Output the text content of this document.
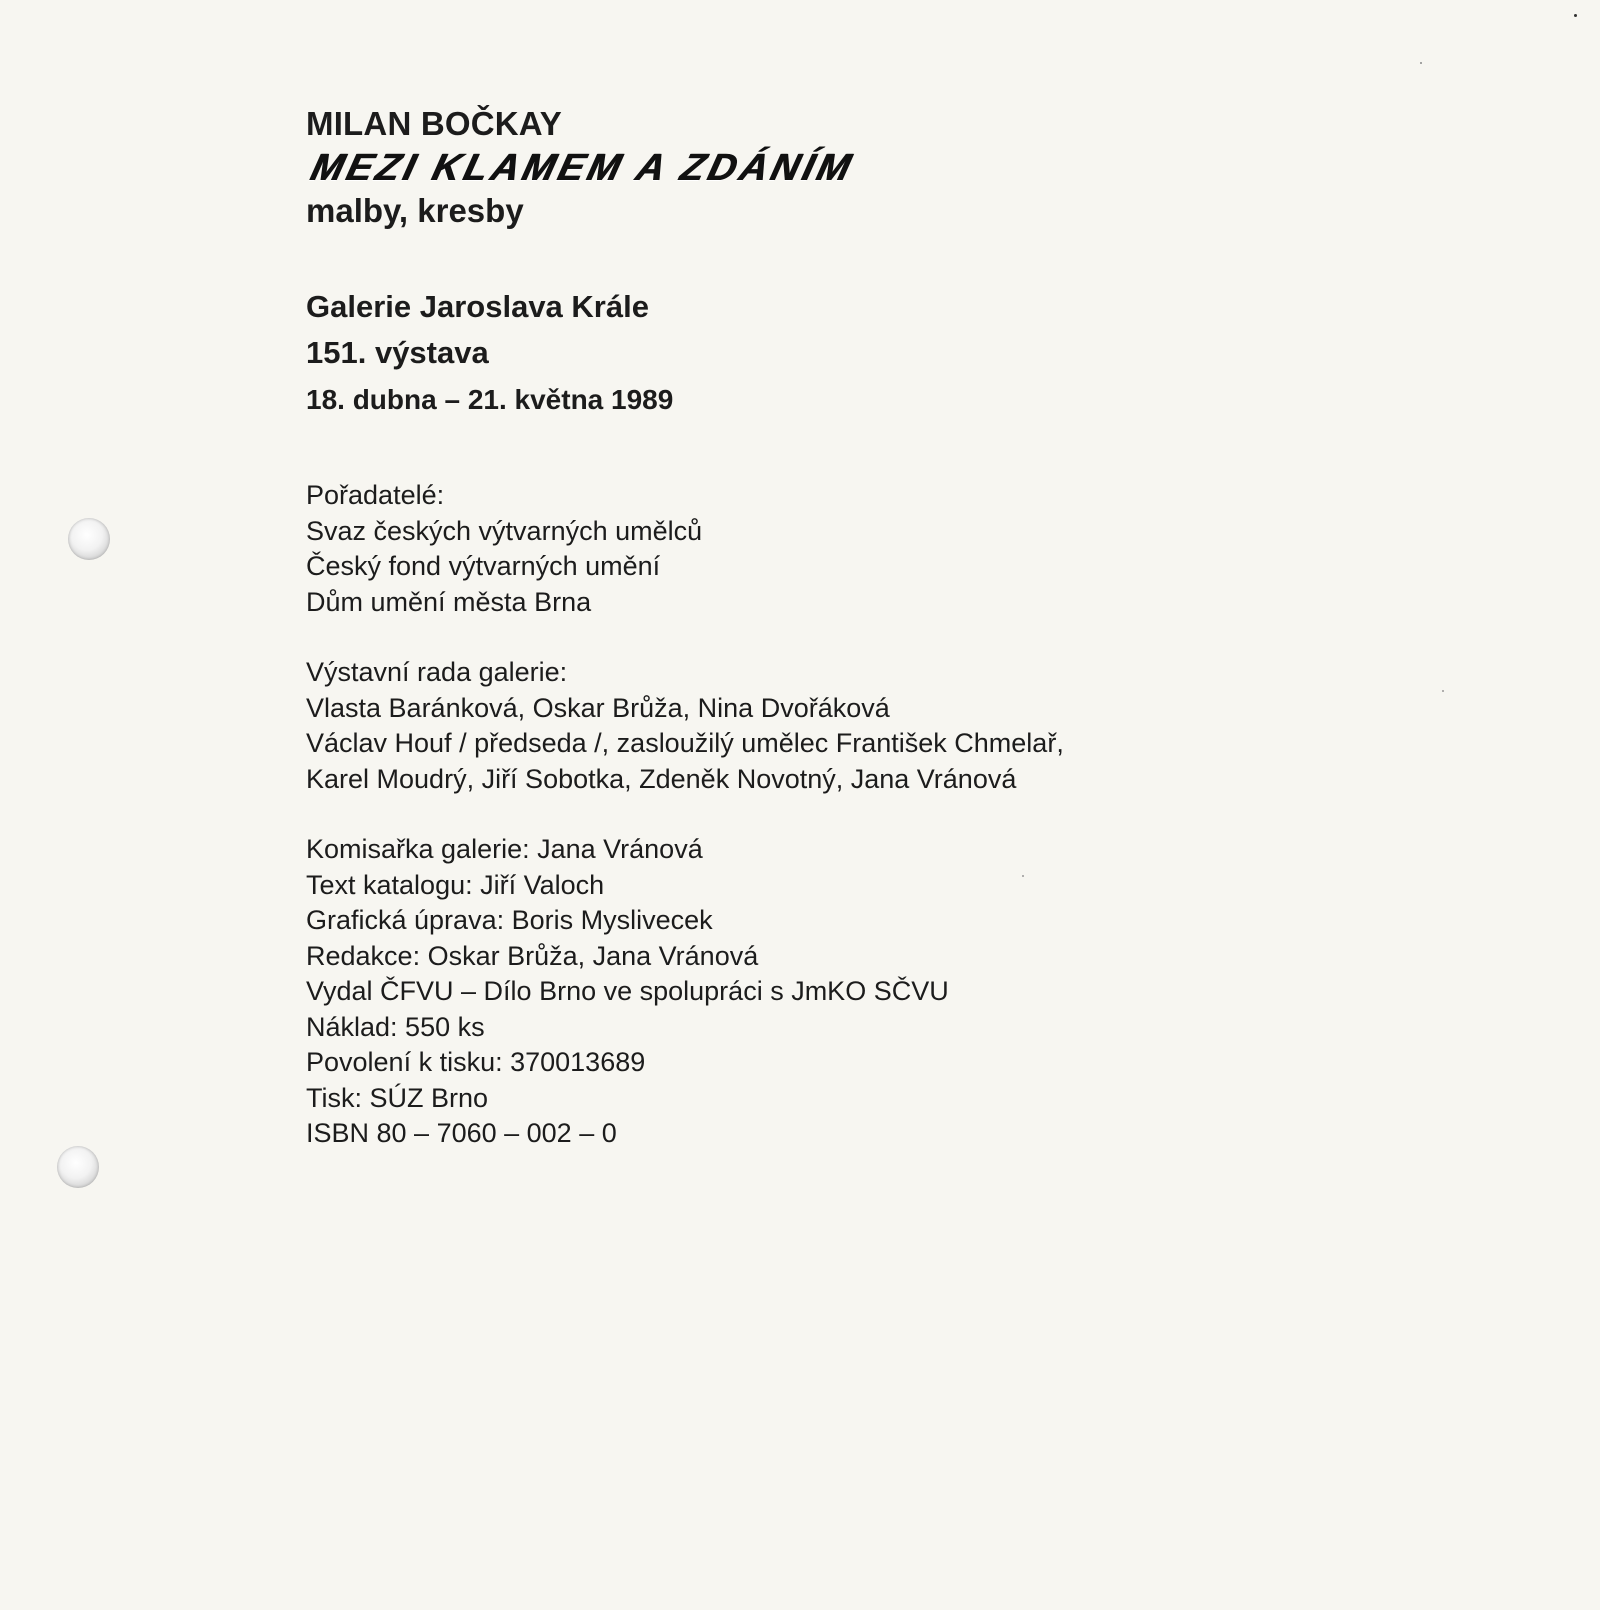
MILAN BOČKAY
MEZI KLAMEM A ZDÁNÍM
malby, kresby
Galerie Jaroslava Krále
151. výstava
18. dubna – 21. května 1989
Pořadatelé:
Svaz českých výtvarných umělců
Český fond výtvarných umění
Dům umění města Brna
Výstavní rada galerie:
Vlasta Baránková, Oskar Brůža, Nina Dvořáková
Václav Houf / předseda /, zasloužilý umělec František Chmelař,
Karel Moudrý, Jiří Sobotka, Zdeněk Novotný, Jana Vránová
Komisařka galerie: Jana Vránová
Text katalogu: Jiří Valoch
Grafická úprava: Boris Myslivecek
Redakce: Oskar Brůža, Jana Vránová
Vydal ČFVU – Dílo Brno ve spolupráci s JmKO SČVU
Náklad: 550 ks
Povolení k tisku: 370013689
Tisk: SÚZ Brno
ISBN 80 – 7060 – 002 – 0
